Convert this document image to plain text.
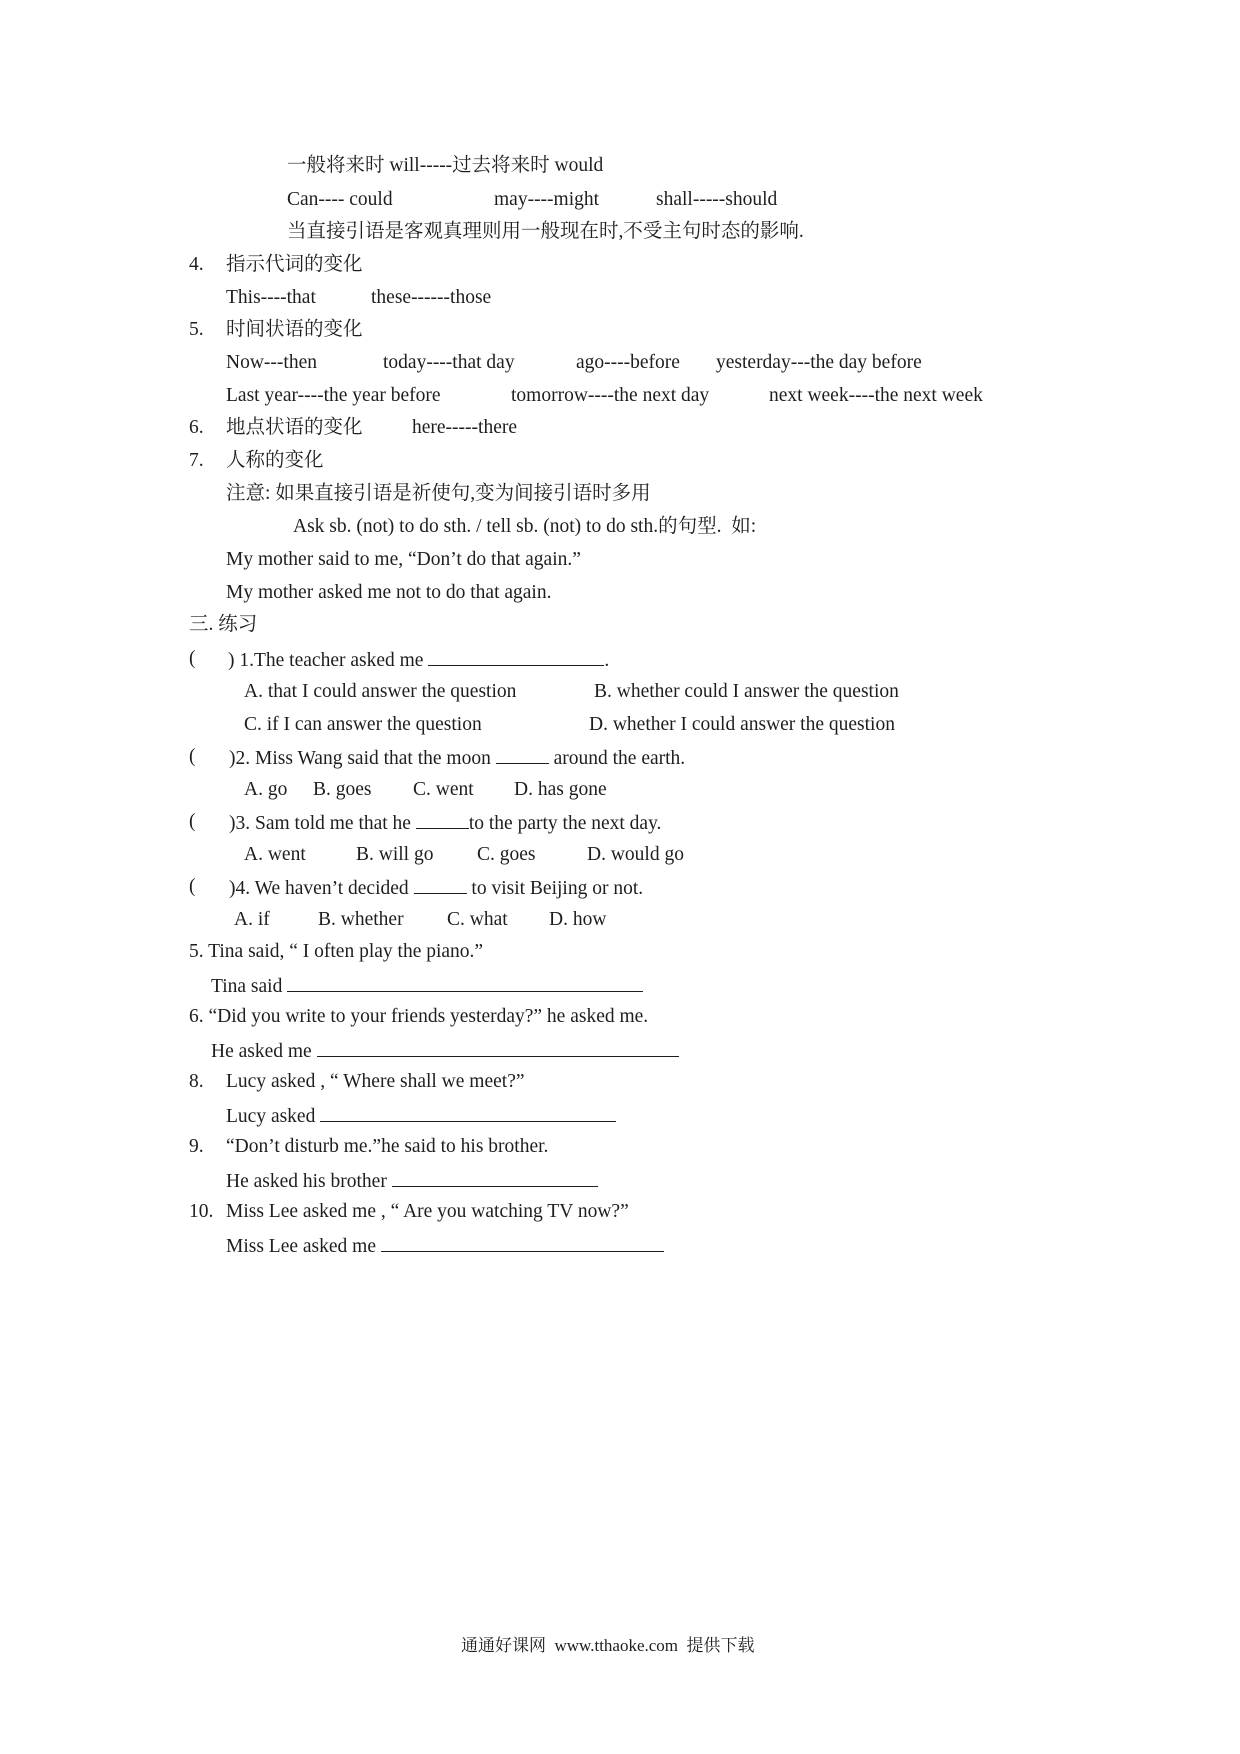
一般将来时 will-----过去将来时 would
Can---- could	may----might	shall-----should
当直接引语是客观真理则用一般现在时,不受主句时态的影响.
4. 指示代词的变化
This----that	these------those
5. 时间状语的变化
Now---then	today----that day	ago----before yesterday---the day before
Last year----the year before	tomorrow----the next day	next week----the next week
6. 地点状语的变化	here-----there
7. 人称的变化
注意: 如果直接引语是祈使句,变为间接引语时多用
Ask sb. (not) to do sth. / tell sb. (not) to do sth.的句型.  如:
My mother said to me, “Don’t do that again.”
My mother asked me not to do that again.
三. 练习
( ) 1.The teacher asked me	.
A. that I could answer the question	B. whether could I answer the question
C. if I can answer the question	D. whether I could answer the question
( )2. Miss Wang said that the moon	around the earth.
A. go B. goes C. went D. has gone
( )3. Sam told me that he	to the party the next day.
A. went	B. will go C. goes	D. would go
( )4. We haven’t decided	to visit Beijing or not.
A. if B. whether C. what D. how
5. Tina said, “ I often play the piano.”
Tina said
6. “Did you write to your friends yesterday?” he asked me.
He asked me
8. Lucy asked , “ Where shall we meet?”
Lucy asked
9. “Don’t disturb me.”he said to his brother.
He asked his brother
10. Miss Lee asked me , “ Are you watching TV now?”
Miss Lee asked me
通通好课网 www.tthaoke.com 提供下载
